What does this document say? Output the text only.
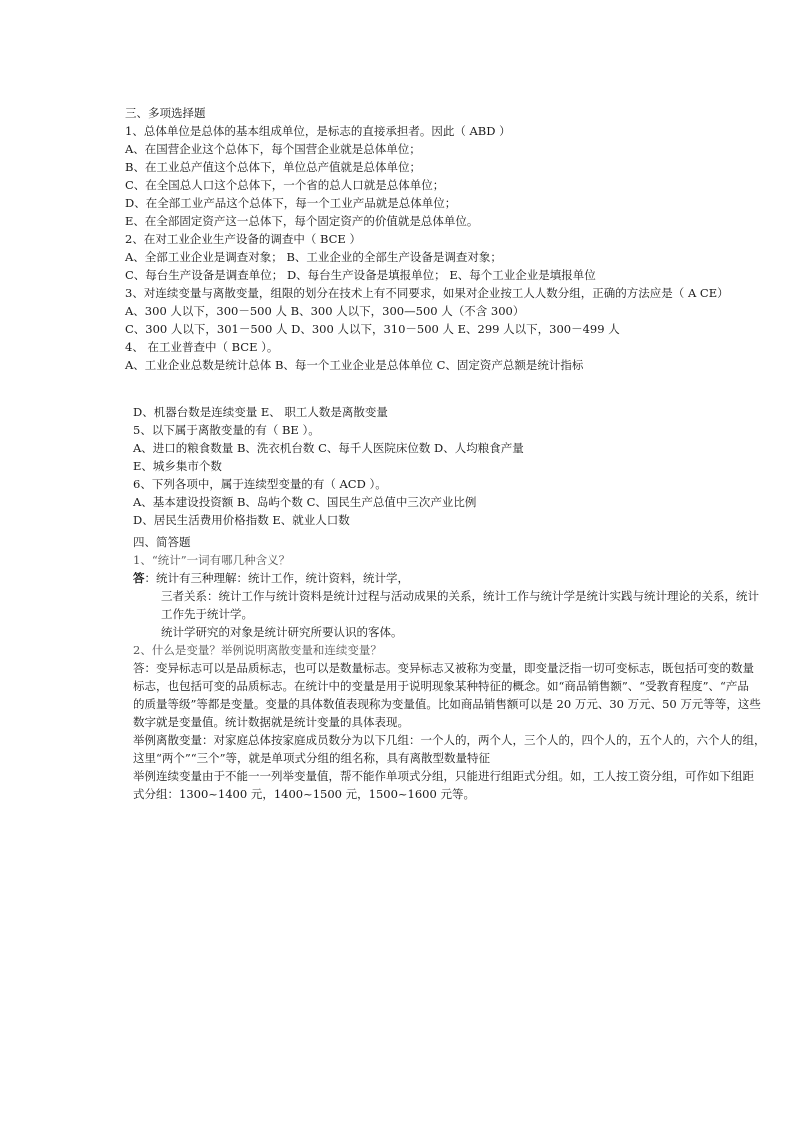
三、多项选择题
1、总体单位是总体的基本组成单位，是标志的直接承担者。因此（ ABD ）
A、在国营企业这个总体下，每个国营企业就是总体单位；
B、在工业总产值这个总体下，单位总产值就是总体单位；
C、在全国总人口这个总体下，一个省的总人口就是总体单位；
D、在全部工业产品这个总体下，每一个工业产品就是总体单位；
E、在全部固定资产这一总体下，每个固定资产的价值就是总体单位。
2、在对工业企业生产设备的调查中（ BCE ）
A、全部工业企业是调查对象； B、工业企业的全部生产设备是调查对象；
C、每台生产设备是调查单位； D、每台生产设备是填报单位； E、每个工业企业是填报单位
3、对连续变量与离散变量，组限的划分在技术上有不同要求，如果对企业按工人人数分组，正确的方法应是（ A CE）
A、300 人以下，300－500 人 B、300 人以下，300—500 人（不含 300）
C、300 人以下，301－500 人 D、300 人以下，310－500 人 E、299 人以下，300－499 人
4、 在工业普查中（ BCE ）。
A、工业企业总数是统计总体 B、每一个工业企业是总体单位 C、固定资产总额是统计指标
D、机器台数是连续变量 E、 职工人数是离散变量
5、以下属于离散变量的有（ BE ）。
A、进口的粮食数量 B、洗衣机台数 C、每千人医院床位数 D、人均粮食产量
E、城乡集市个数
6、下列各项中，属于连续型变量的有（ ACD ）。
A、基本建设投资额 B、岛屿个数 C、国民生产总值中三次产业比例
D、居民生活费用价格指数 E、就业人口数
四、简答题
1、“统计”一词有哪几种含义？
答：统计有三种理解：统计工作，统计资料，统计学，
三者关系：统计工作与统计资料是统计过程与活动成果的关系，统计工作与统计学是统计实践与统计理论的关系，统计
工作先于统计学。
统计学研究的对象是统计研究所要认识的客体。
2、什么是变量？举例说明离散变量和连续变量？
答：变异标志可以是品质标志，也可以是数量标志。变异标志又被称为变量，即变量泛指一切可变标志，既包括可变的数量
标志，也包括可变的品质标志。在统计中的变量是用于说明现象某种特征的概念。如“商品销售额”、“受教育程度”、“产品
的质量等级”等都是变量。变量的具体数值表现称为变量值。比如商品销售额可以是 20 万元、30 万元、50 万元等等，这些
数字就是变量值。统计数据就是统计变量的具体表现。
举例离散变量：对家庭总体按家庭成员数分为以下几组：一个人的，两个人，三个人的，四个人的，五个人的，六个人的组，
这里“两个”“三个”等，就是单项式分组的组名称，具有离散型数量特征
举例连续变量由于不能一一列举变量值，帮不能作单项式分组，只能进行组距式分组。如，工人按工资分组，可作如下组距
式分组：1300~1400 元，1400~1500 元，1500~1600 元等。
